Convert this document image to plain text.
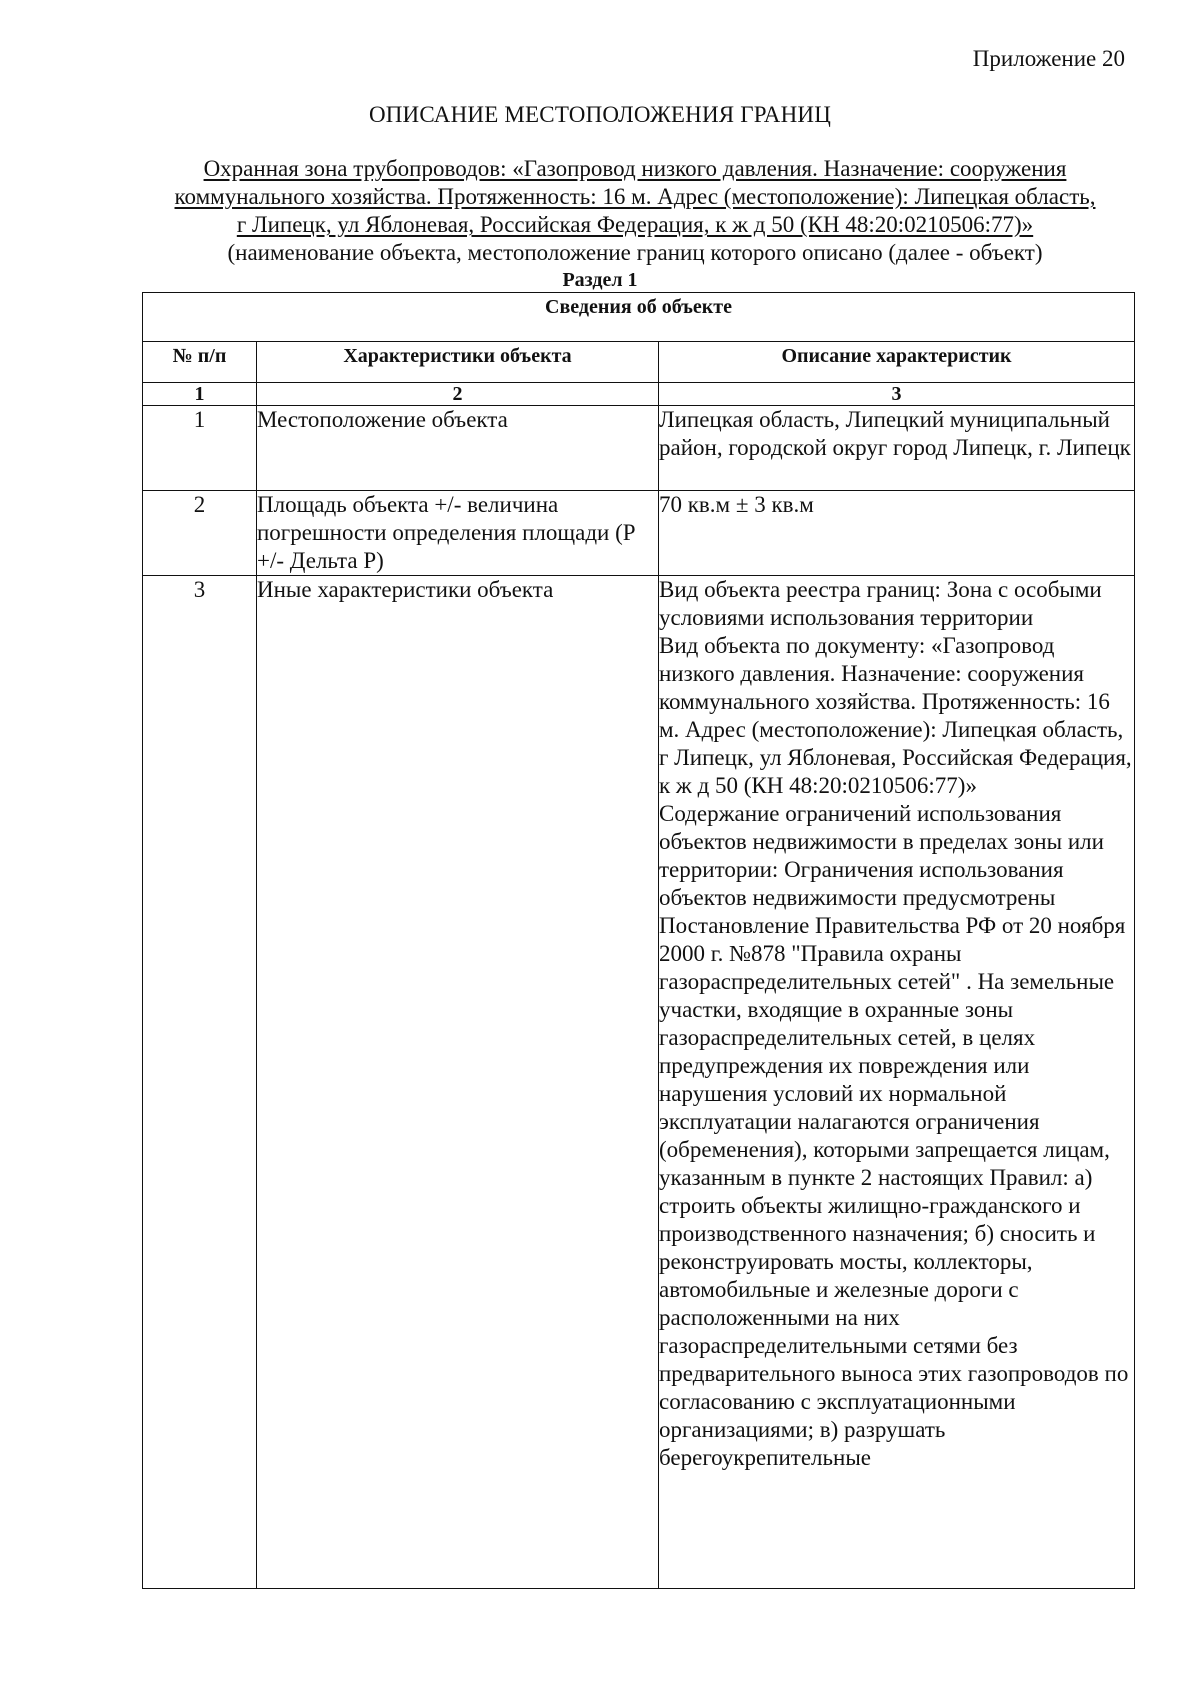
Приложение 20
ОПИСАНИЕ МЕСТОПОЛОЖЕНИЯ ГРАНИЦ
Охранная зона трубопроводов: «Газопровод низкого давления. Назначение: сооружения
коммунального хозяйства. Протяженность: 16 м. Адрес (местоположение): Липецкая область,
г Липецк, ул Яблоневая, Российская Федерация, к ж д 50 (КН 48:20:0210506:77)»
(наименование объекта, местоположение границ которого описано (далее - объект)
Раздел 1
Сведения об объекте		
№ п/п	Характеристики объекта	Описание характеристик
1	2	3
1	Местоположение объекта	Липецкая область, Липецкий муниципальный район, городской округ город Липецк, г. Липецк
2	Площадь объекта +/- величина погрешности определения площади (P +/- Дельта P)	70 кв.м ± 3 кв.м
3	Иные характеристики объекта	Вид объекта реестра границ: Зона с особыми условиями использования территории
Вид объекта по документу: «Газопровод низкого давления. Назначение: сооружения коммунального хозяйства. Протяженность: 16 м. Адрес (местоположение): Липецкая область, г Липецк, ул Яблоневая, Российская Федерация, к ж д 50 (КН 48:20:0210506:77)»
Содержание ограничений использования объектов недвижимости в пределах зоны или территории: Ограничения использования объектов недвижимости предусмотрены Постановление Правительства РФ от 20 ноября 2000 г. №878 "Правила охраны газораспределительных сетей" . На земельные участки, входящие в охранные зоны газораспределительных сетей, в целях предупреждения их повреждения или нарушения условий их нормальной эксплуатации налагаются ограничения (обременения), которыми запрещается лицам, указанным в пункте 2 настоящих Правил: а) строить объекты жилищно-гражданского и производственного назначения; б) сносить и реконструировать мосты, коллекторы, автомобильные и железные дороги с расположенными на них газораспределительными сетями без предварительного выноса этих газопроводов по согласованию с эксплуатационными организациями; в) разрушать берегоукрепительные
